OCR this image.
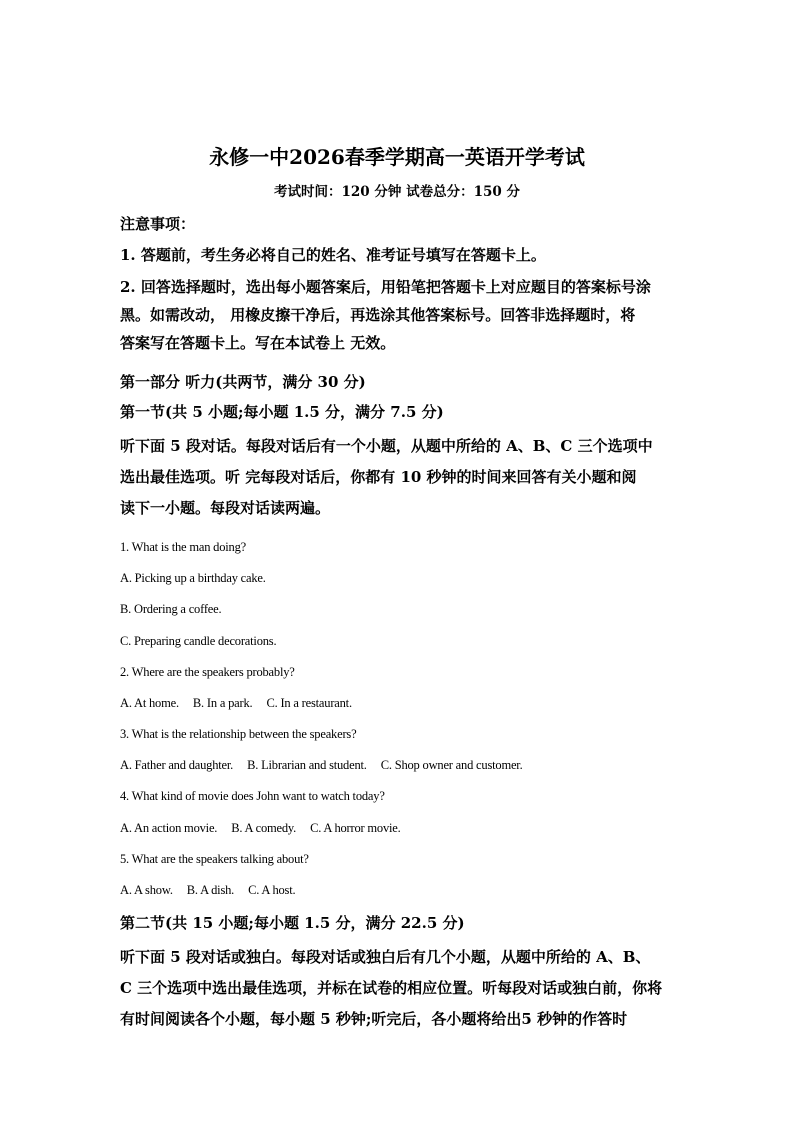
永修一中2026春季学期高一英语开学考试
考试时间：120 分钟 试卷总分：150 分
注意事项：
1. 答题前，考生务必将自己的姓名、准考证号填写在答题卡上。
2. 回答选择题时，选出每小题答案后，用铅笔把答题卡上对应题目的答案标号涂
黑。如需改动， 用橡皮擦干净后，再选涂其他答案标号。回答非选择题时，将
答案写在答题卡上。写在本试卷上 无效。
第一部分 听力(共两节，满分 30 分)
第一节(共 5 小题;每小题 1.5 分，满分 7.5 分)
听下面 5 段对话。每段对话后有一个小题，从题中所给的 A、B、C 三个选项中
选出最佳选项。听 完每段对话后，你都有 10 秒钟的时间来回答有关小题和阅
读下一小题。每段对话读两遍。
1. What is the man doing?
A. Picking up a birthday cake.
B. Ordering a coffee.
C. Preparing candle decorations.
2. Where are the speakers probably?
A. At home. B. In a park. C. In a restaurant.
3. What is the relationship between the speakers?
A. Father and daughter. B. Librarian and student. C. Shop owner and customer.
4. What kind of movie does John want to watch today?
A. An action movie. B. A comedy. C. A horror movie.
5. What are the speakers talking about?
A. A show. B. A dish. C. A host.
第二节(共 15 小题;每小题 1.5 分，满分 22.5 分)
听下面 5 段对话或独白。每段对话或独白后有几个小题，从题中所给的 A、B、
C 三个选项中选出最佳选项，并标在试卷的相应位置。听每段对话或独白前，你将
有时间阅读各个小题，每小题 5 秒钟;听完后，各小题将给出5 秒钟的作答时
